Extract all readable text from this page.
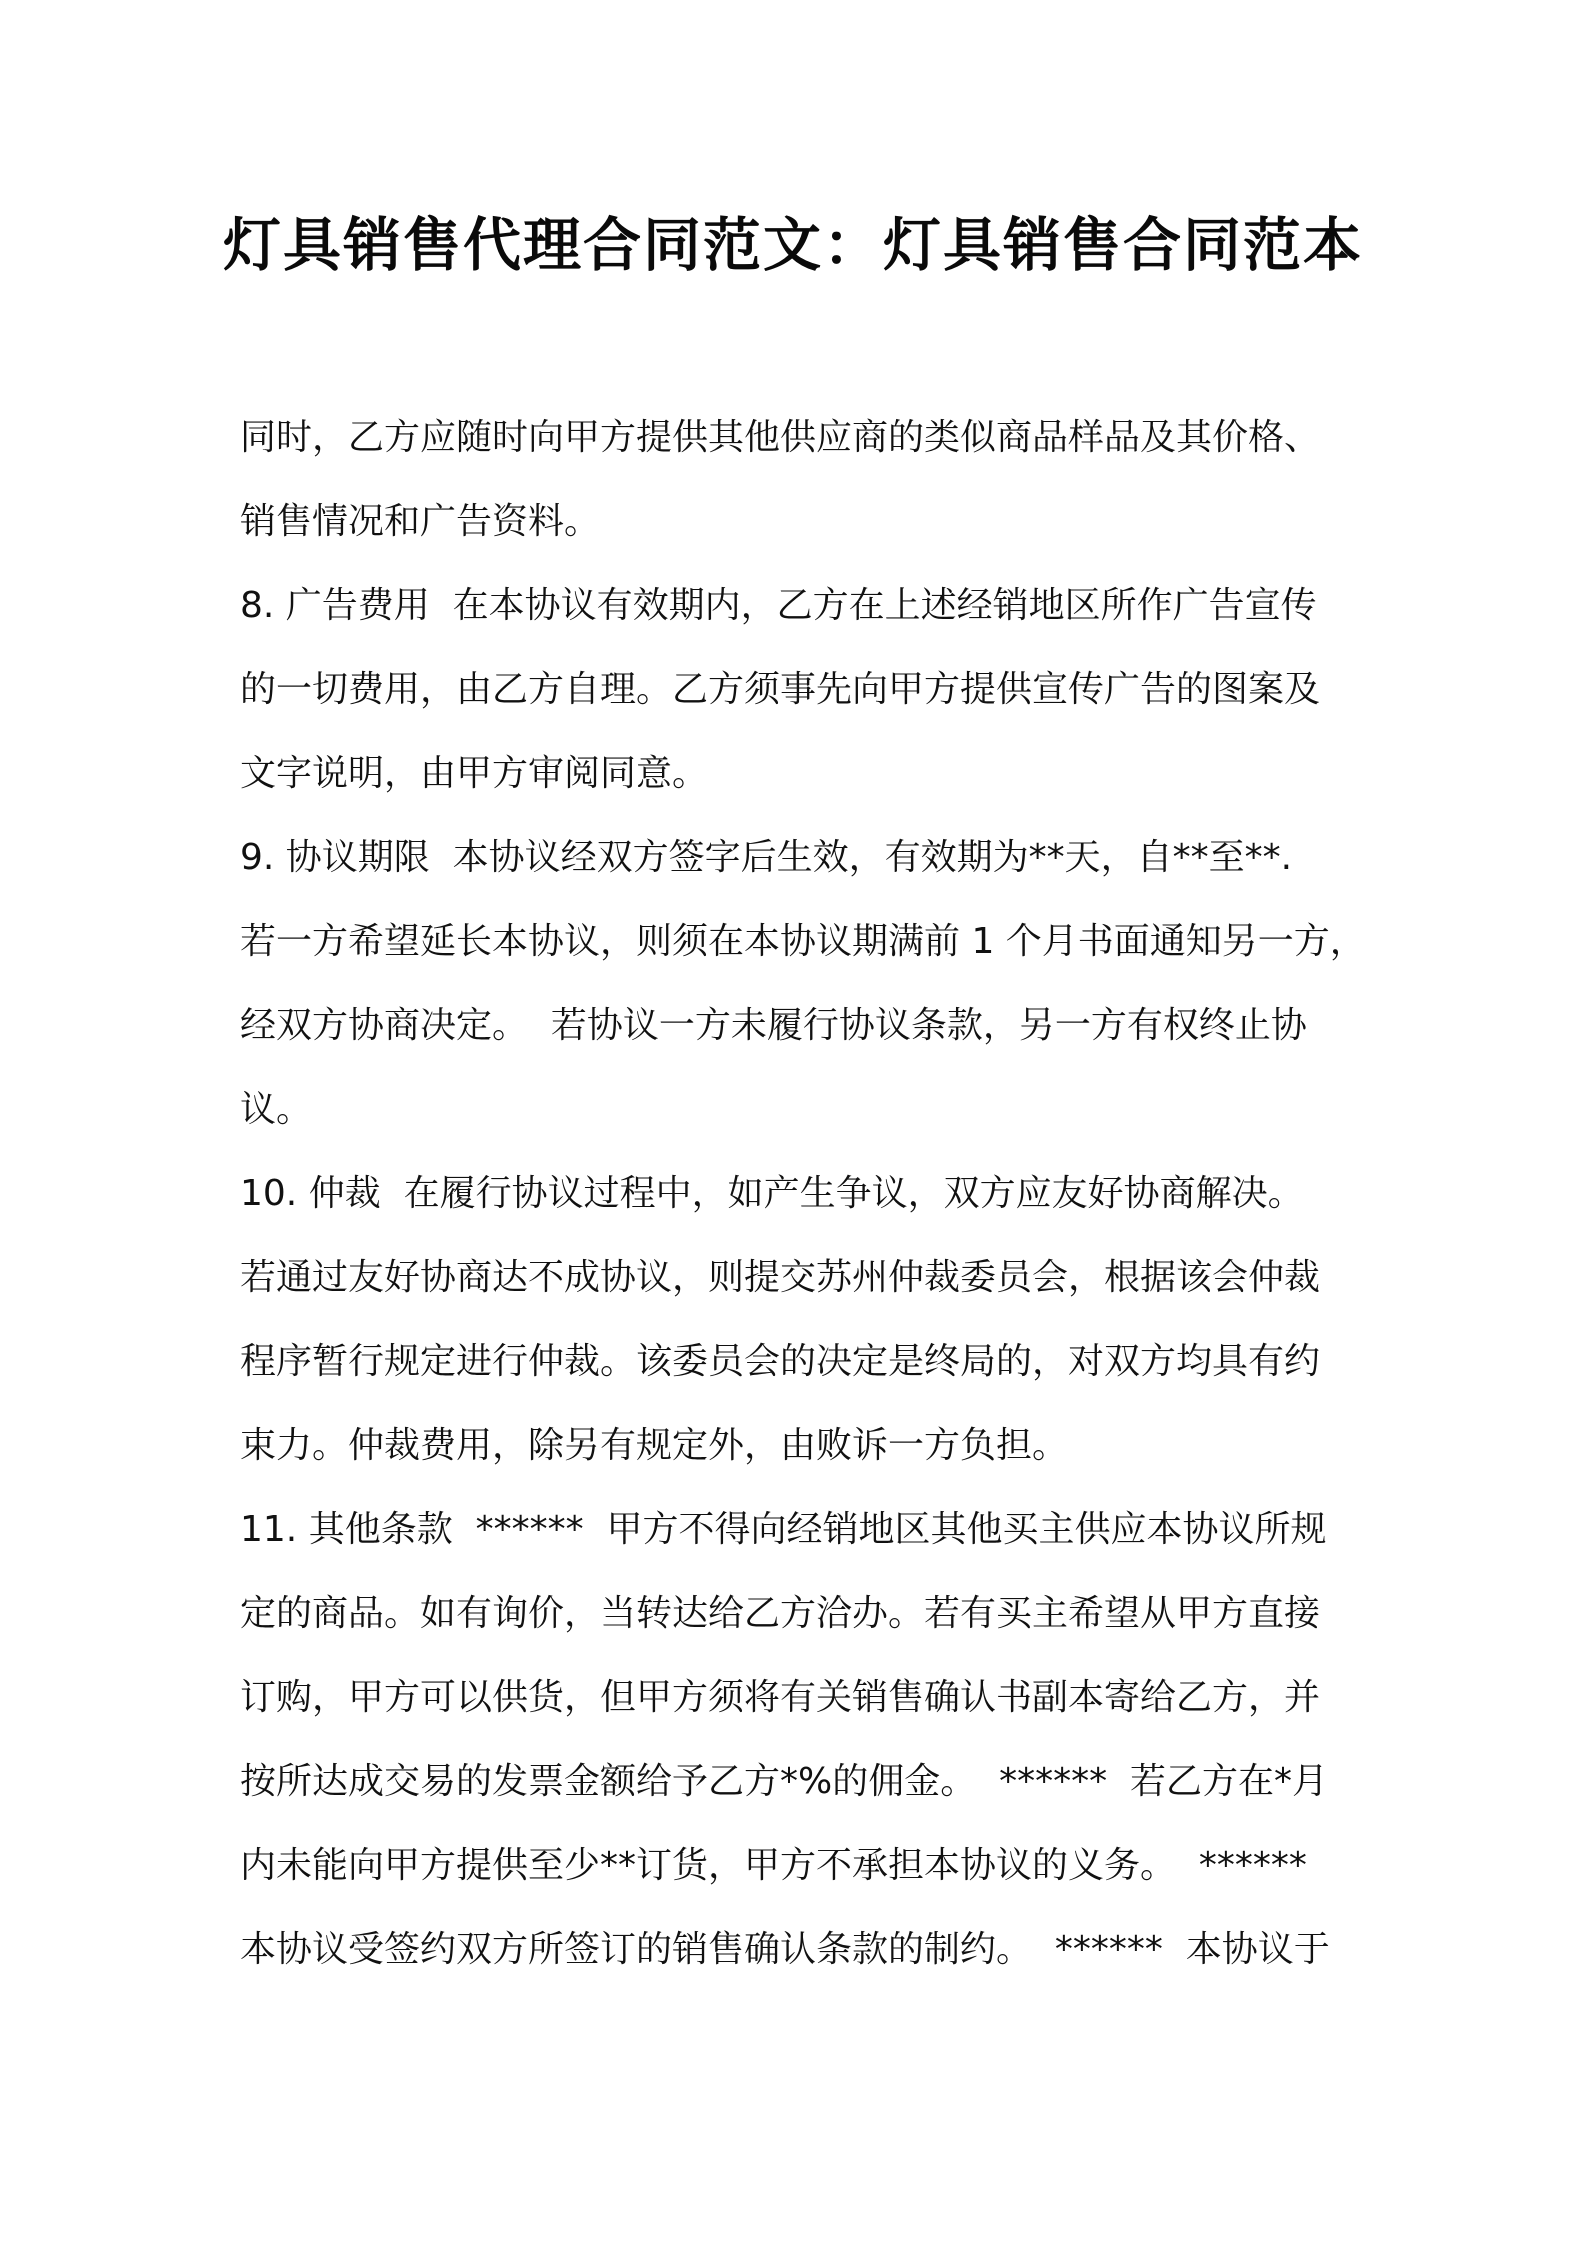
灯具销售代理合同范文：灯具销售合同范本

同时，乙方应随时向甲方提供其他供应商的类似商品样品及其价格、

销售情况和广告资料。

8. 广告费用  在本协议有效期内，乙方在上述经销地区所作广告宣传

的一切费用，由乙方自理。乙方须事先向甲方提供宣传广告的图案及

文字说明，由甲方审阅同意。

9. 协议期限  本协议经双方签字后生效，有效期为**天，自**至**.

若一方希望延长本协议，则须在本协议期满前 1 个月书面通知另一方，

经双方协商决定。  若协议一方未履行协议条款，另一方有权终止协

议。

10. 仲裁  在履行协议过程中，如产生争议，双方应友好协商解决。

若通过友好协商达不成协议，则提交苏州仲裁委员会，根据该会仲裁

程序暂行规定进行仲裁。该委员会的决定是终局的，对双方均具有约

束力。仲裁费用，除另有规定外，由败诉一方负担。

11. 其他条款  ******  甲方不得向经销地区其他买主供应本协议所规

定的商品。如有询价，当转达给乙方洽办。若有买主希望从甲方直接

订购，甲方可以供货，但甲方须将有关销售确认书副本寄给乙方，并

按所达成交易的发票金额给予乙方*%的佣金。  ******  若乙方在*月

内未能向甲方提供至少**订货，甲方不承担本协议的义务。  ******

本协议受签约双方所签订的销售确认条款的制约。  ******  本协议于
